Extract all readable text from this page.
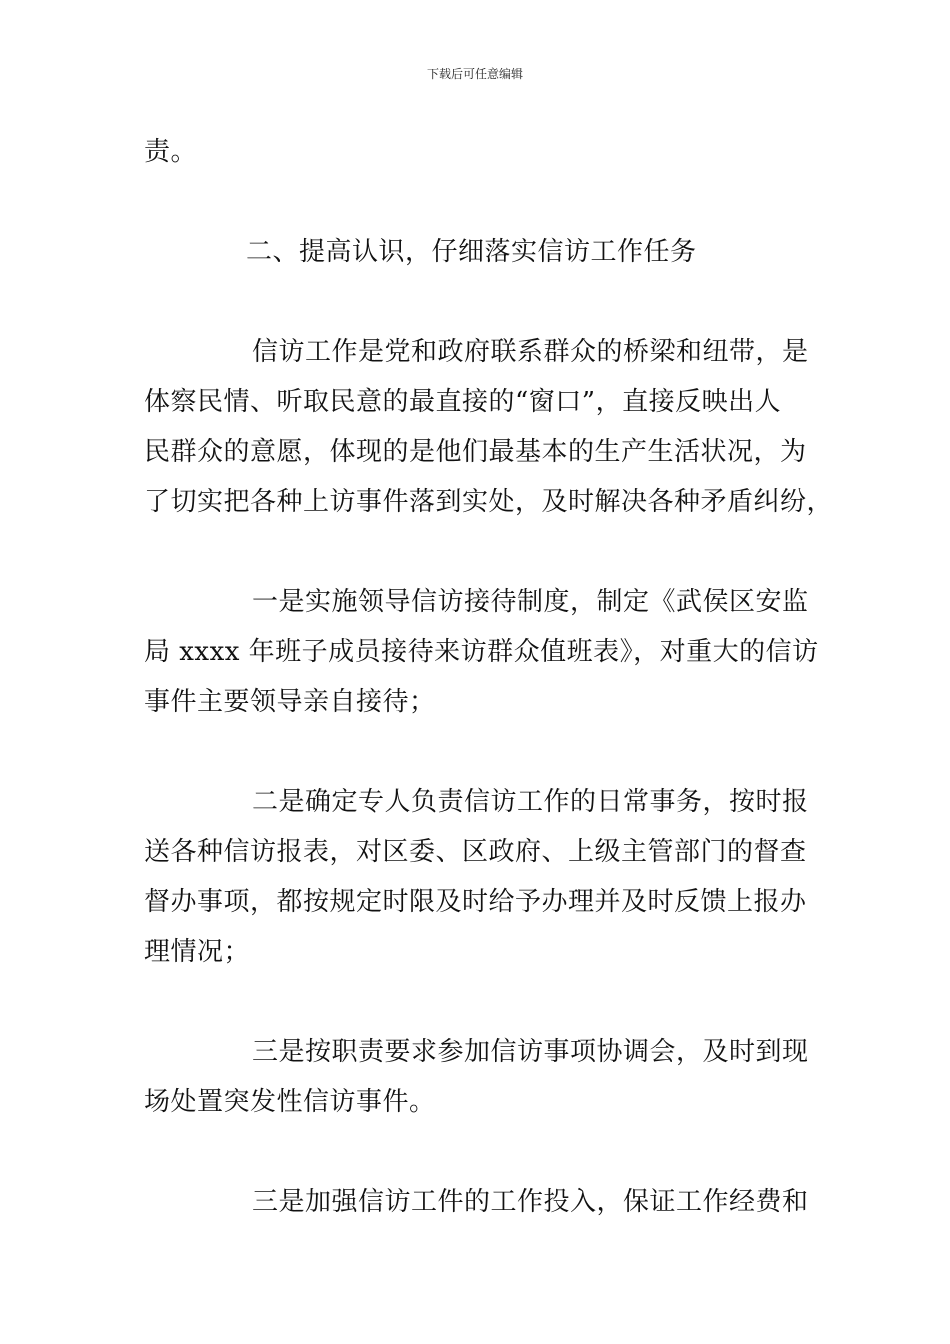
下载后可任意编辑
责。
二、提高认识，仔细落实信访工作任务
信访工作是党和政府联系群众的桥梁和纽带，是
体察民情、听取民意的最直接的“窗口”，直接反映出人
民群众的意愿，体现的是他们最基本的生产生活状况，为
了切实把各种上访事件落到实处，及时解决各种矛盾纠纷，
一是实施领导信访接待制度，制定《武侯区安监
局 xxxx 年班子成员接待来访群众值班表》，对重大的信访
事件主要领导亲自接待；
二是确定专人负责信访工作的日常事务，按时报
送各种信访报表，对区委、区政府、上级主管部门的督查
督办事项，都按规定时限及时给予办理并及时反馈上报办
理情况；
三是按职责要求参加信访事项协调会，及时到现
场处置突发性信访事件。
三是加强信访工件的工作投入，保证工作经费和
